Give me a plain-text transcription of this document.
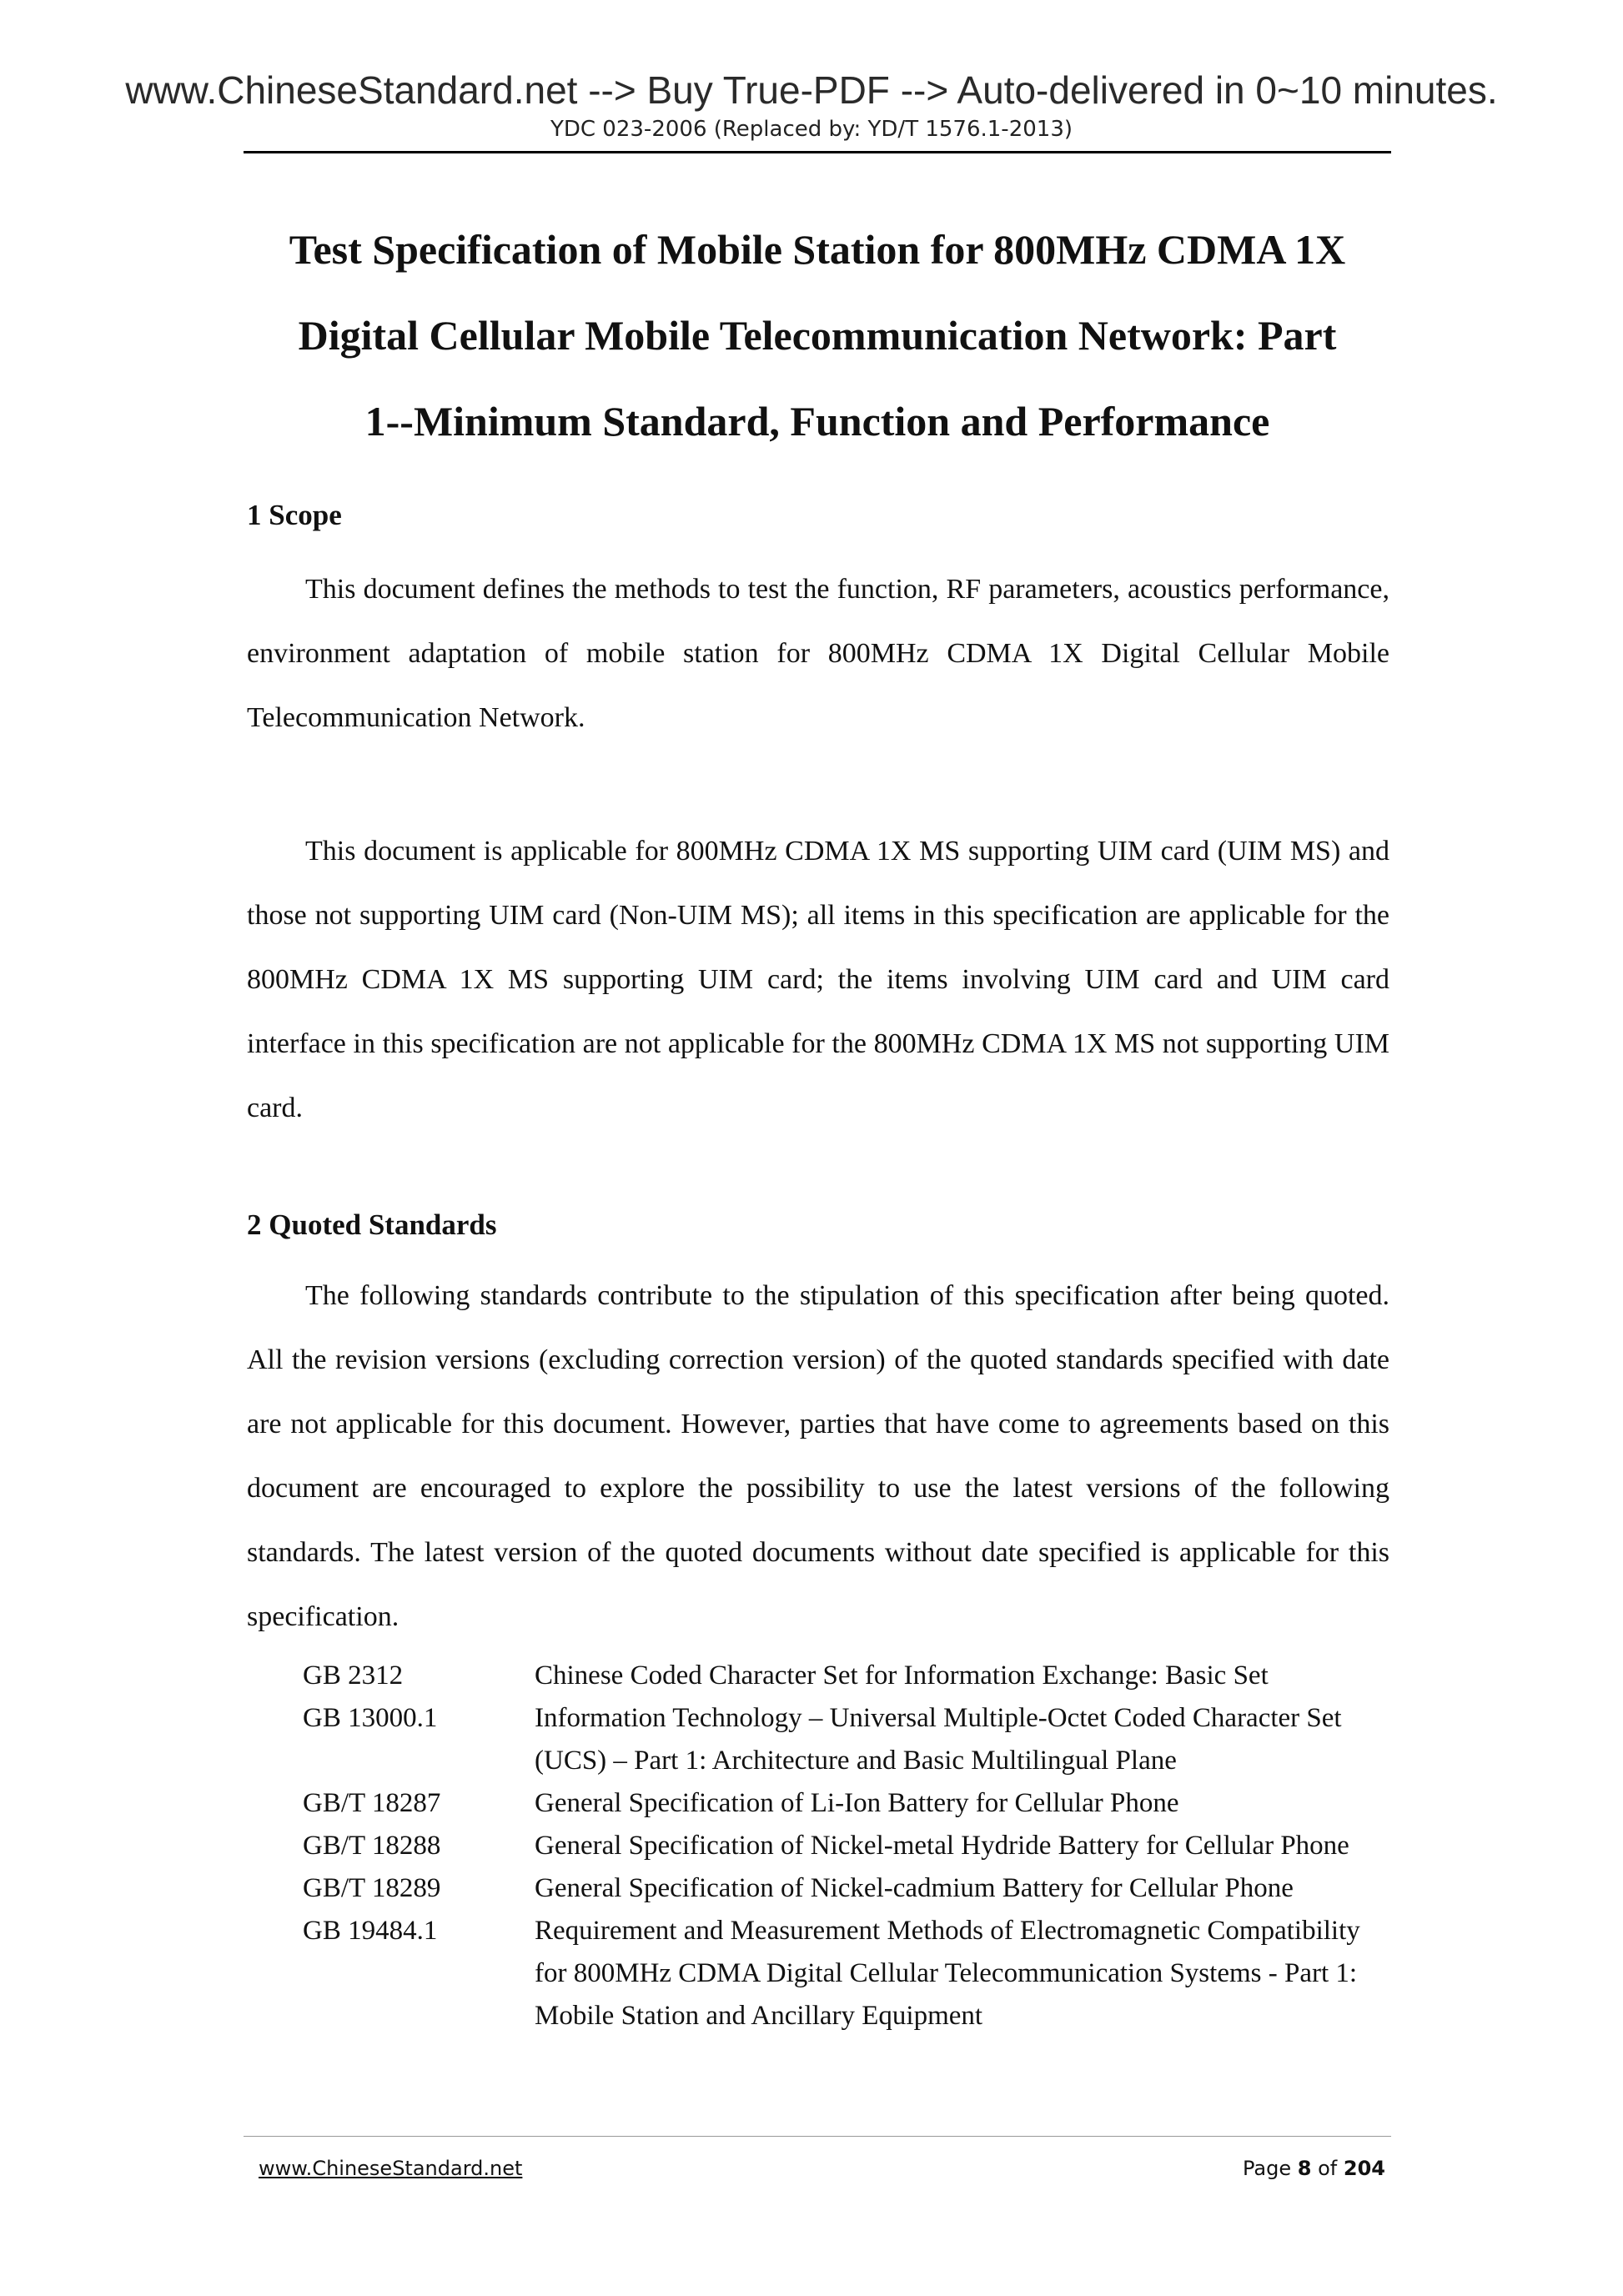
www.ChineseStandard.net --> Buy True-PDF --> Auto-delivered in 0~10 minutes.
YDC 023-2006 (Replaced by: YD/T 1576.1-2013)
Test Specification of Mobile Station for 800MHz CDMA 1X
Digital Cellular Mobile Telecommunication Network: Part
1--Minimum Standard, Function and Performance
1 Scope

This document defines the methods to test the function, RF parameters, acoustics performance, environment adaptation of mobile station for 800MHz CDMA 1X Digital Cellular Mobile Telecommunication Network.

This document is applicable for 800MHz CDMA 1X MS supporting UIM card (UIM MS) and those not supporting UIM card (Non-UIM MS); all items in this specification are applicable for the 800MHz CDMA 1X MS supporting UIM card; the items involving UIM card and UIM card interface in this specification are not applicable for the 800MHz CDMA 1X MS not supporting UIM card.

2 Quoted Standards

The following standards contribute to the stipulation of this specification after being quoted. All the revision versions (excluding correction version) of the quoted standards specified with date are not applicable for this document. However, parties that have come to agreements based on this document are encouraged to explore the possibility to use the latest versions of the following standards. The latest version of the quoted documents without date specified is applicable for this specification.

GB 2312	Chinese Coded Character Set for Information Exchange: Basic Set
GB 13000.1	Information Technology – Universal Multiple-Octet Coded Character Set (UCS) – Part 1: Architecture and Basic Multilingual Plane
GB/T 18287	General Specification of Li-Ion Battery for Cellular Phone
GB/T 18288	General Specification of Nickel-metal Hydride Battery for Cellular Phone
GB/T 18289	General Specification of Nickel-cadmium Battery for Cellular Phone
GB 19484.1	Requirement and Measurement Methods of Electromagnetic Compatibility for 800MHz CDMA Digital Cellular Telecommunication Systems - Part 1: Mobile Station and Ancillary Equipment
www.ChineseStandard.net	Page 8 of 204
